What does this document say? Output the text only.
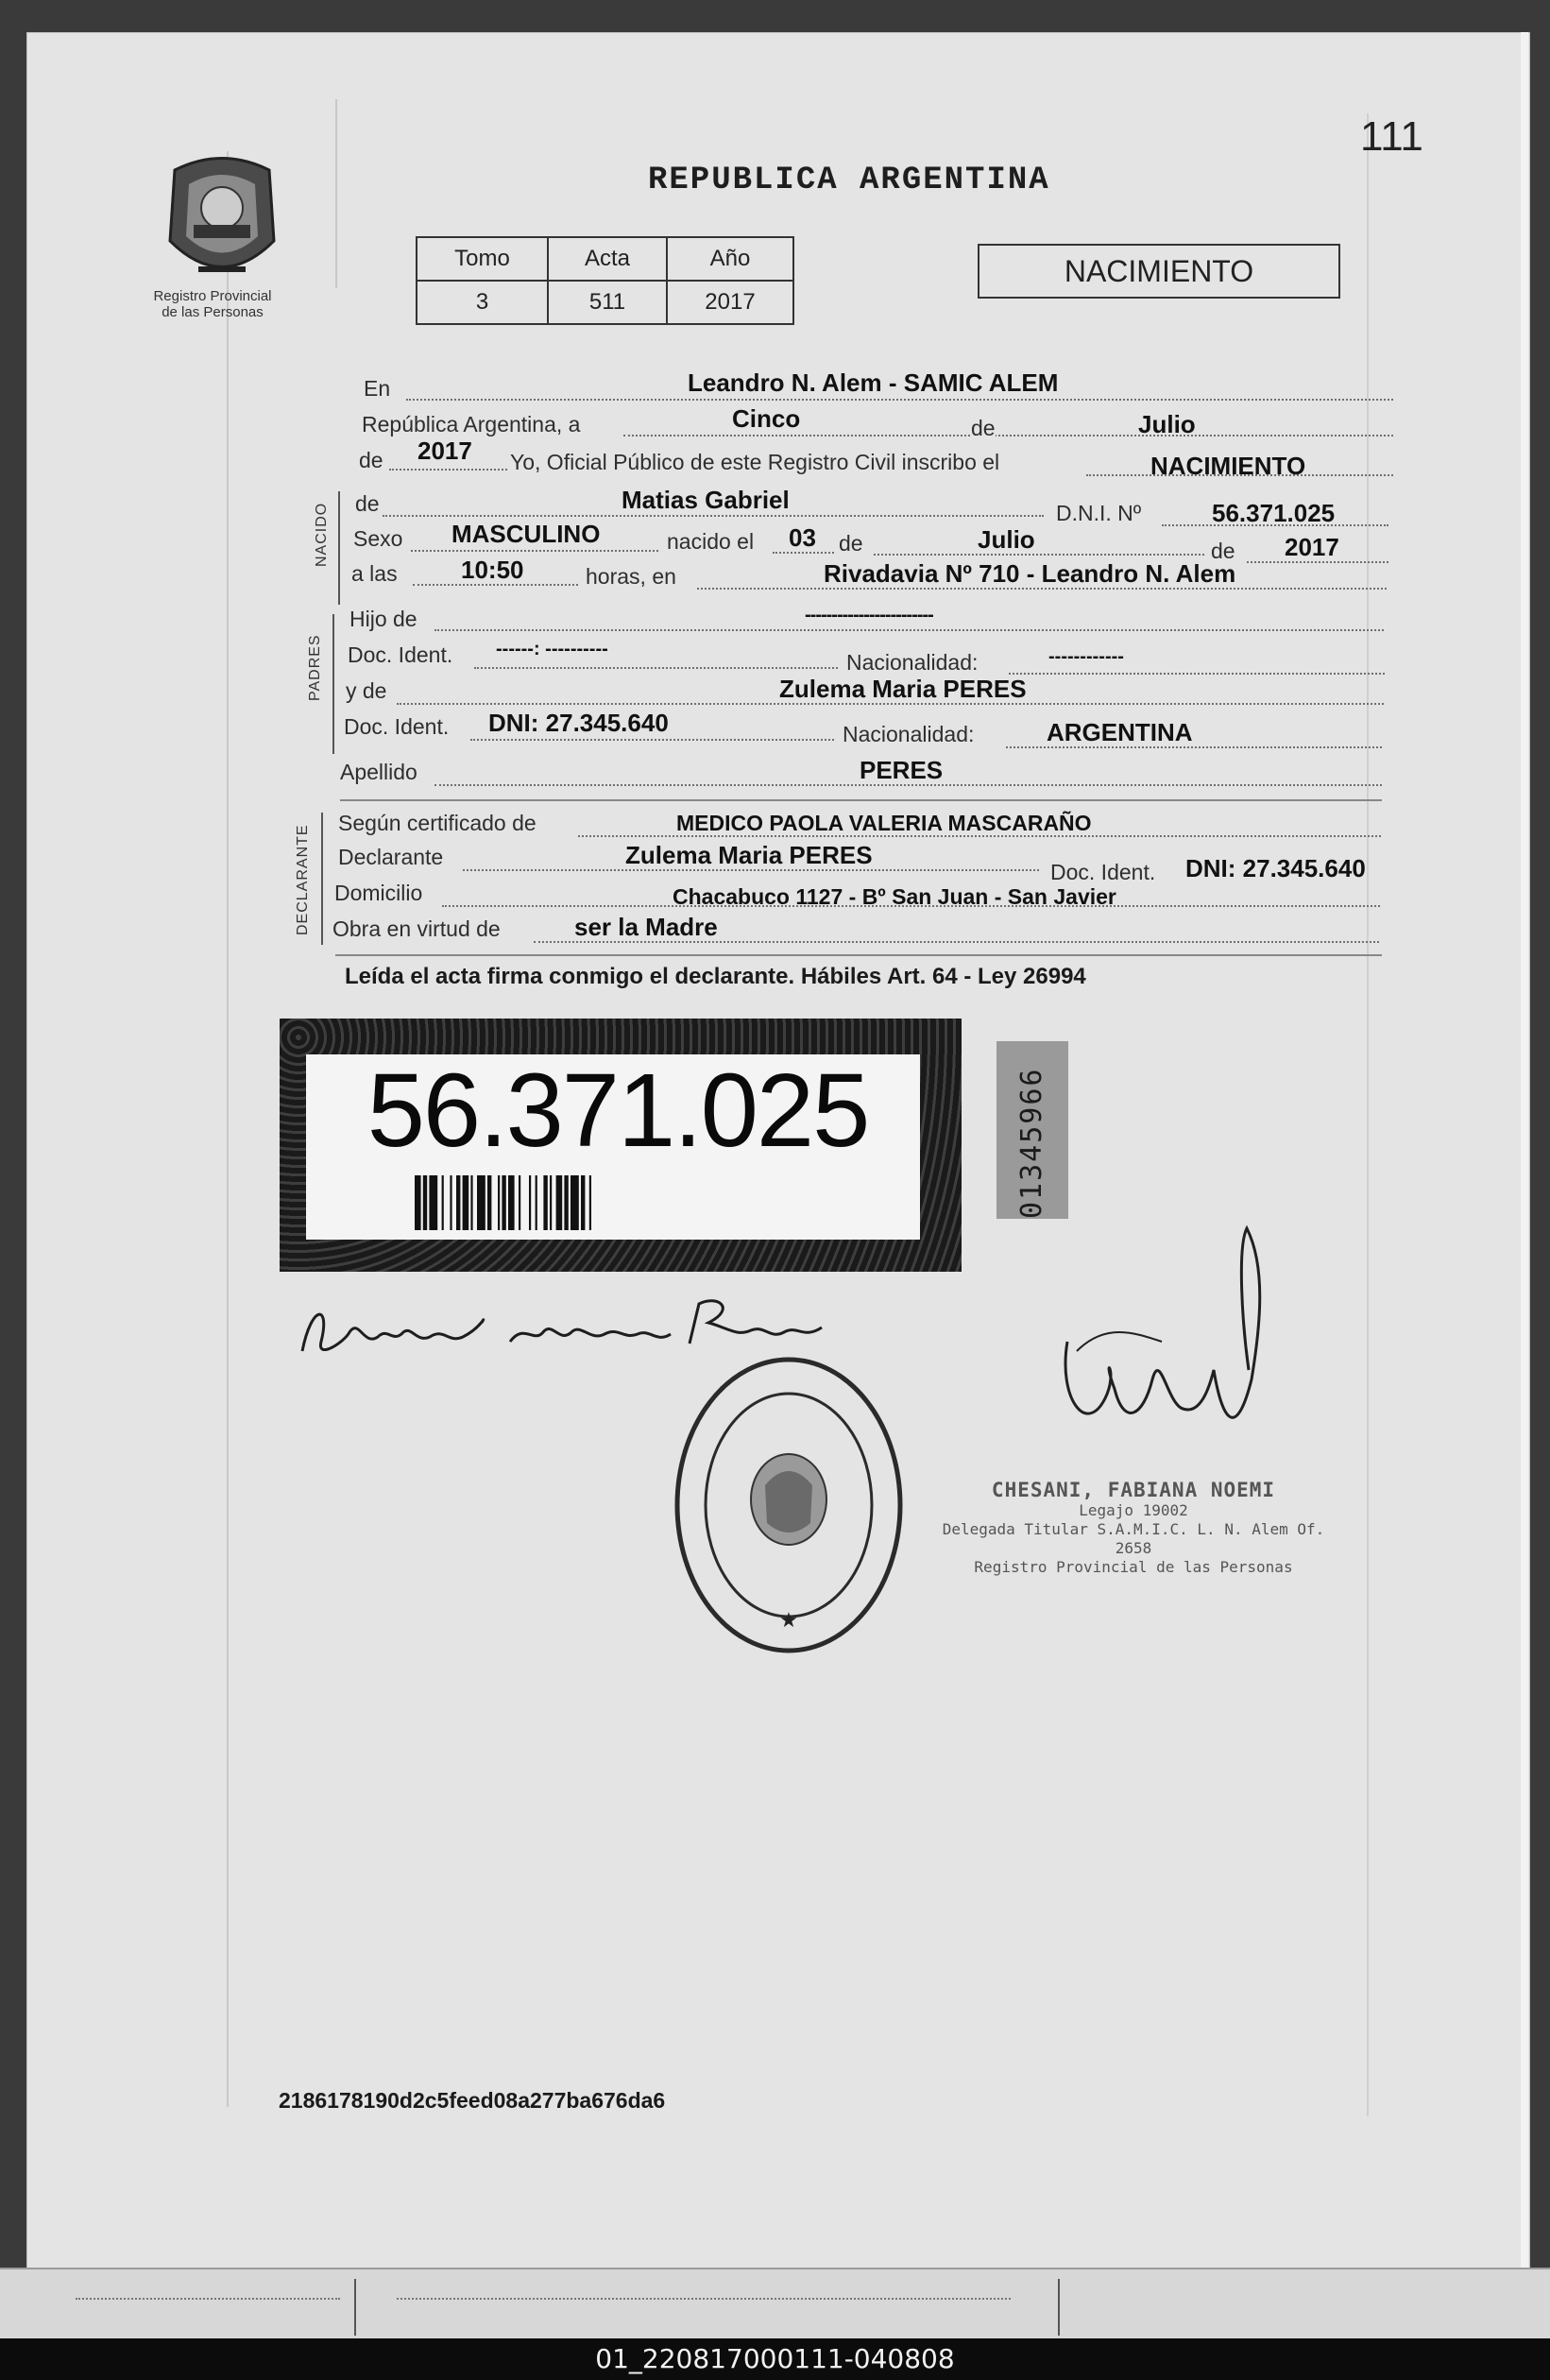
111
Registro Provincial
de las Personas
REPUBLICA ARGENTINA
Tomo	Acta	Año
3	511	2017
NACIMIENTO
En	Leandro N. Alem - SAMIC ALEM
República Argentina, a	Cinco	de	Julio
de 2017 Yo, Oficial Público de este Registro Civil inscribo el	NACIMIENTO
NACIDO de	Matias Gabriel	D.N.I. Nº	56.371.025
Sexo MASCULINO	nacido el 03 de	Julio	de 2017
a las	10:50	horas, en	Rivadavia Nº 710 - Leandro N. Alem
PADRES
Hijo de	------------------------
Doc. Ident. ------: ----------
Nacionalidad:	------------
y de	Zulema Maria PERES
Doc. Ident. DNI: 27.345.640	Nacionalidad:	ARGENTINA
Apellido	PERES
DECLARANTE
Según certificado de	MEDICO PAOLA VALERIA MASCARAÑO
Declarante	Zulema Maria PERES
Doc. Ident. DNI: 27.345.640
Domicilio	Chacabuco 1127 - Bº San Juan - San Javier
Obra en virtud de	ser la Madre
Leída el acta firma conmigo el declarante. Hábiles Art. 64 - Ley 26994
56.371.025	01345966
★
CHESANI, FABIANA NOEMI
Legajo 19002
Delegada Titular S.A.M.I.C. L. N. Alem Of. 2658
Registro Provincial de las Personas
2186178190d2c5feed08a277ba676da6
01_220817000111-040808
